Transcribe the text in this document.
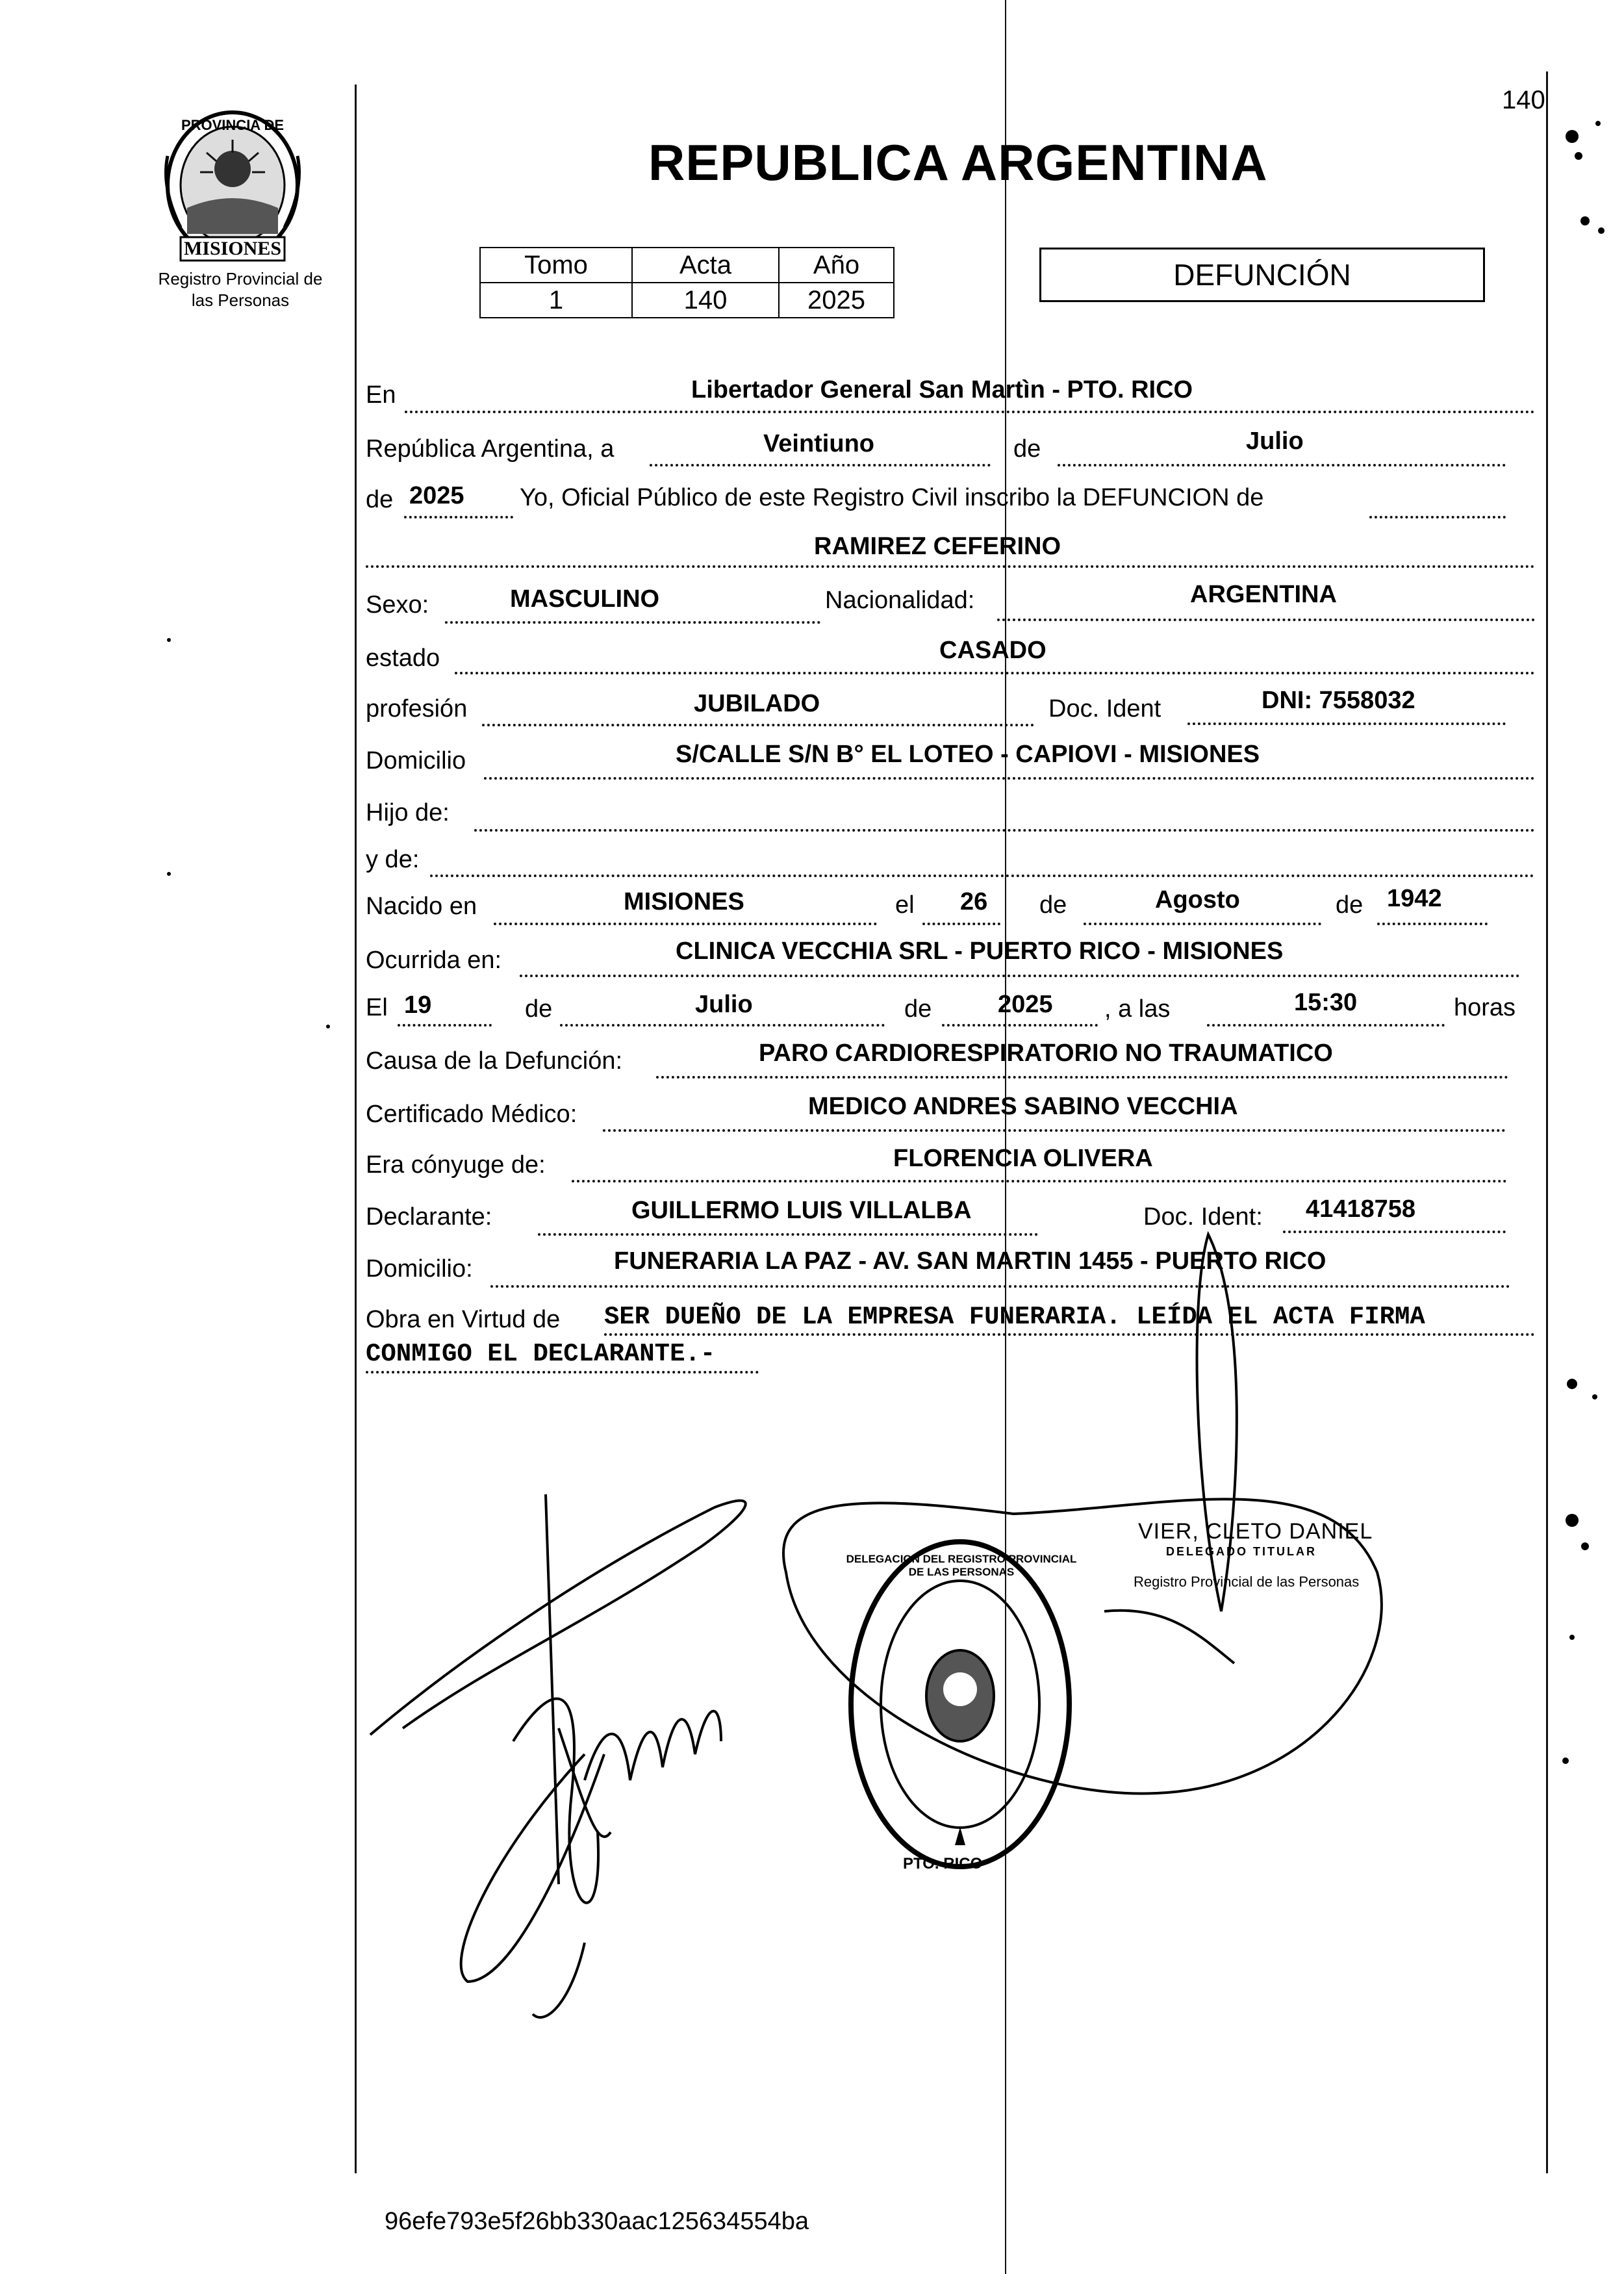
140
PROVINCIA DE
MISIONES
Registro Provincial de
las Personas
REPUBLICA ARGENTINA
Tomo	Acta	Año
1	140	2025
DEFUNCIÓN
En	Libertador General San Martìn - PTO. RICO
República Argentina, a	Veintiuno	de	Julio
de 2025 Yo, Oficial Público de este Registro Civil inscribo la DEFUNCION de
RAMIREZ CEFERINO
Sexo:	MASCULINO	Nacionalidad:	ARGENTINA
estado	CASADO
profesión	JUBILADO	Doc. Ident	DNI: 7558032
Domicilio	S/CALLE S/N B° EL LOTEO - CAPIOVI - MISIONES
Hijo de:
y de:
Nacido en	MISIONES	el 26 de	Agosto	de 1942
Ocurrida en:	CLINICA VECCHIA SRL - PUERTO RICO - MISIONES
El 19	de	Julio	de	2025 , a las	15:30	horas
Causa de la Defunción:	PARO CARDIORESPIRATORIO NO TRAUMATICO
Certificado Médico:	MEDICO ANDRES SABINO VECCHIA
Era cónyuge de:	FLORENCIA OLIVERA
Declarante:	GUILLERMO LUIS VILLALBA	Doc. Ident: 41418758
Domicilio:	FUNERARIA LA PAZ - AV. SAN MARTIN 1455 - PUERTO RICO
Obra en Virtud de SER DUEÑO DE LA EMPRESA FUNERARIA. LEÍDA EL ACTA FIRMA
CONMIGO EL DECLARANTE.-
PTO. RICO
DELEGACION DEL REGISTRO PROVINCIAL DE LAS PERSONAS
VIER, CLETO DANIEL
DELEGADO TITULAR
Registro Provincial de las Personas
96efe793e5f26bb330aac125634554ba
